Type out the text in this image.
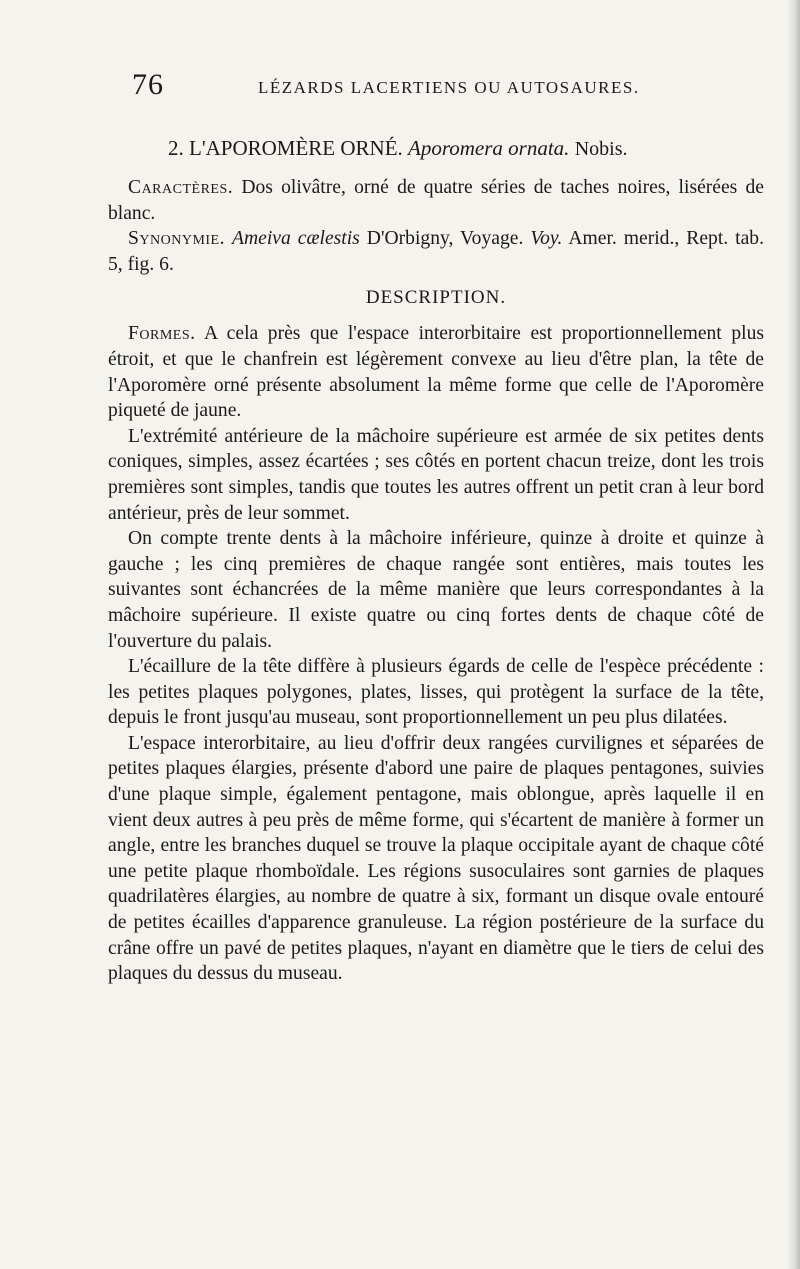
76	LÉZARDS LACERTIENS OU AUTOSAURES.
2. L'APOROMÈRE ORNÉ. Aporomera ornata. Nobis.

Caractères. Dos olivâtre, orné de quatre séries de taches noires, lisérées de blanc.

Synonymie. Ameiva cælestis D'Orbigny, Voyage. Voy. Amer. merid., Rept. tab. 5, fig. 6.

DESCRIPTION.

Formes. A cela près que l'espace interorbitaire est proportionnellement plus étroit, et que le chanfrein est légèrement convexe au lieu d'être plan, la tête de l'Aporomère orné présente absolument la même forme que celle de l'Aporomère piqueté de jaune.

L'extrémité antérieure de la mâchoire supérieure est armée de six petites dents coniques, simples, assez écartées ; ses côtés en portent chacun treize, dont les trois premières sont simples, tandis que toutes les autres offrent un petit cran à leur bord antérieur, près de leur sommet.

On compte trente dents à la mâchoire inférieure, quinze à droite et quinze à gauche ; les cinq premières de chaque rangée sont entières, mais toutes les suivantes sont échancrées de la même manière que leurs correspondantes à la mâchoire supérieure. Il existe quatre ou cinq fortes dents de chaque côté de l'ouverture du palais.

L'écaillure de la tête diffère à plusieurs égards de celle de l'espèce précédente : les petites plaques polygones, plates, lisses, qui protègent la surface de la tête, depuis le front jusqu'au museau, sont proportionnellement un peu plus dilatées.

L'espace interorbitaire, au lieu d'offrir deux rangées curvilignes et séparées de petites plaques élargies, présente d'abord une paire de plaques pentagones, suivies d'une plaque simple, également pentagone, mais oblongue, après laquelle il en vient deux autres à peu près de même forme, qui s'écartent de manière à former un angle, entre les branches duquel se trouve la plaque occipitale ayant de chaque côté une petite plaque rhomboïdale. Les régions susoculaires sont garnies de plaques quadrilatères élargies, au nombre de quatre à six, formant un disque ovale entouré de petites écailles d'apparence granuleuse. La région postérieure de la surface du crâne offre un pavé de petites plaques, n'ayant en diamètre que le tiers de celui des plaques du dessus du museau.
